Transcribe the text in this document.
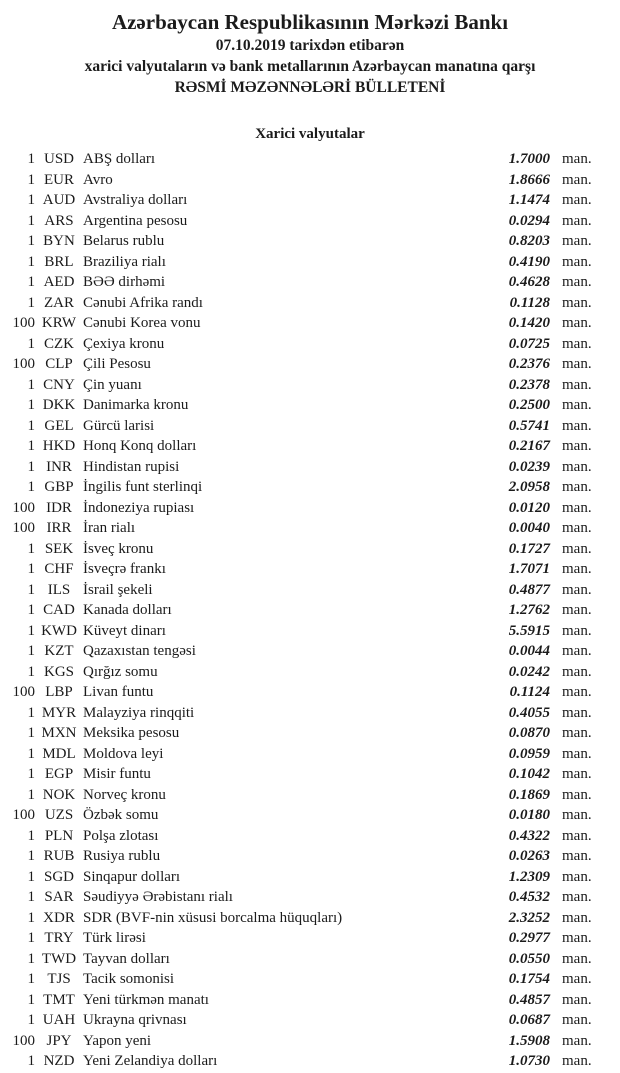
Azərbaycan Respublikasının Mərkəzi Bankı
07.10.2019 tarixdən etibarən
xarici valyutaların və bank metallarının Azərbaycan manatına qarşı
RƏSMİ MƏZƏNNƏLƏRİ BÜLLETENİ
Xarici valyutalar
1 USD ABŞ dolları	1.7000 man.
1 EUR Avro	1.8666 man.
1 AUD Avstraliya dolları	1.1474 man.
1 ARS Argentina pesosu	0.0294 man.
1 BYN Belarus rublu	0.8203 man.
1 BRL Braziliya rialı	0.4190 man.
1 AED BƏƏ dirhəmi	0.4628 man.
1 ZAR Cənubi Afrika randı	0.1128 man.
100 KRW Cənubi Korea vonu	0.1420 man.
1 CZK Çexiya kronu	0.0725 man.
100 CLP Çili Pesosu	0.2376 man.
1 CNY Çin yuanı	0.2378 man.
1 DKK Danimarka kronu	0.2500 man.
1 GEL Gürcü larisi	0.5741 man.
1 HKD Honq Konq dolları	0.2167 man.
1 INR Hindistan rupisi	0.0239 man.
1 GBP İngilis funt sterlinqi	2.0958 man.
100 IDR İndoneziya rupiası	0.0120 man.
100 IRR İran rialı	0.0040 man.
1 SEK İsveç kronu	0.1727 man.
1 CHF İsveçrə frankı	1.7071 man.
1 ILS İsrail şekeli	0.4877 man.
1 CAD Kanada dolları	1.2762 man.
1 KWD Küveyt dinarı	5.5915 man.
1 KZT Qazaxıstan tengəsi	0.0044 man.
1 KGS Qırğız somu	0.0242 man.
100 LBP Livan funtu	0.1124 man.
1 MYR Malayziya rinqqiti	0.4055 man.
1 MXN Meksika pesosu	0.0870 man.
1 MDL Moldova leyi	0.0959 man.
1 EGP Misir funtu	0.1042 man.
1 NOK Norveç kronu	0.1869 man.
100 UZS Özbək somu	0.0180 man.
1 PLN Polşa zlotası	0.4322 man.
1 RUB Rusiya rublu	0.0263 man.
1 SGD Sinqapur dolları	1.2309 man.
1 SAR Səudiyyə Ərəbistanı rialı	0.4532 man.
1 XDR SDR (BVF-nin xüsusi borcalma hüquqları)	2.3252 man.
1 TRY Türk lirəsi	0.2977 man.
1 TWD Tayvan dolları	0.0550 man.
1 TJS Tacik somonisi	0.1754 man.
1 TMT Yeni türkmən manatı	0.4857 man.
1 UAH Ukrayna qrivnası	0.0687 man.
100 JPY Yapon yeni	1.5908 man.
1 NZD Yeni Zelandiya dolları	1.0730 man.
